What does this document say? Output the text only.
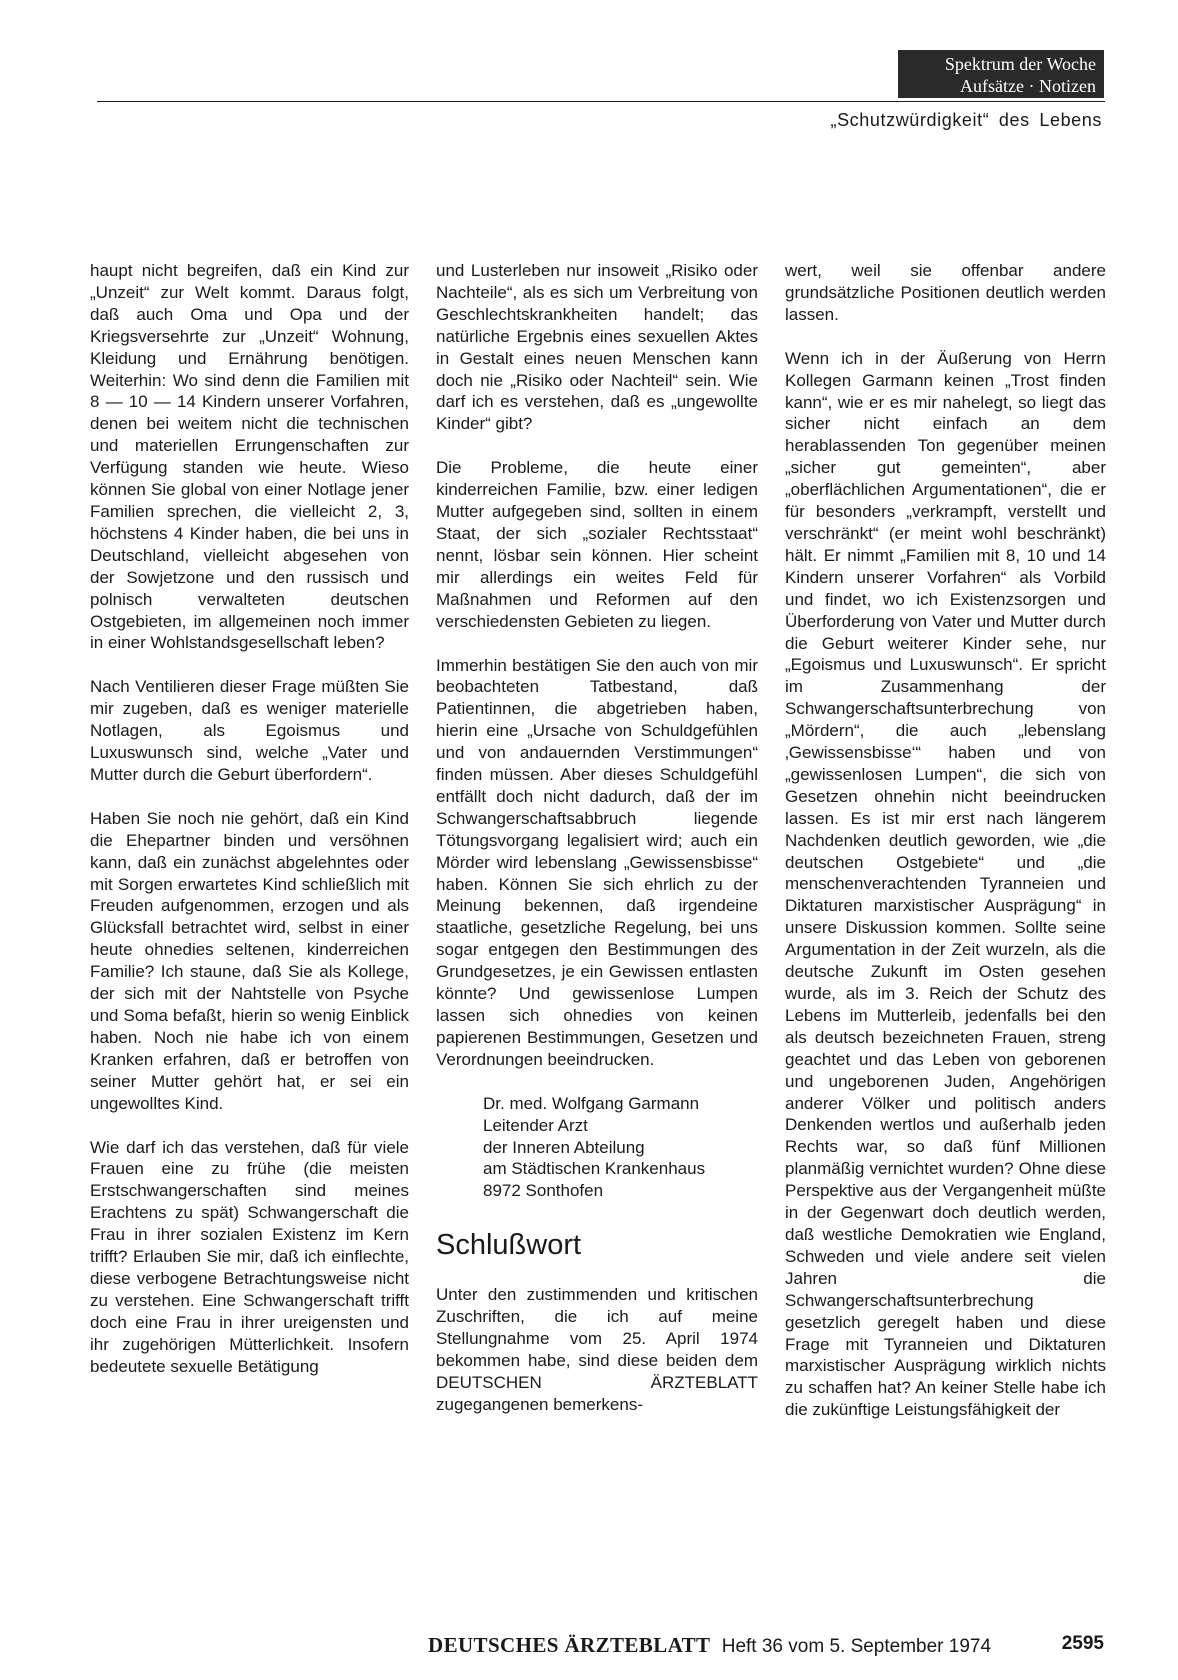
Spektrum der Woche
Aufsätze · Notizen
„Schutzwürdigkeit“ des Lebens

haupt nicht begreifen, daß ein Kind zur „Unzeit“ zur Welt kommt. Daraus folgt, daß auch Oma und Opa und der Kriegsversehrte zur „Unzeit“ Wohnung, Kleidung und Ernährung benötigen. Weiterhin: Wo sind denn die Familien mit 8 — 10 — 14 Kindern unserer Vorfahren, denen bei weitem nicht die technischen und materiellen Errungenschaften zur Verfügung standen wie heute. Wieso können Sie global von einer Notlage jener Familien sprechen, die vielleicht 2, 3, höchstens 4 Kinder haben, die bei uns in Deutschland, vielleicht abgesehen von der Sowjetzone und den russisch und polnisch verwalteten deutschen Ostgebieten, im allgemeinen noch immer in einer Wohlstandsgesellschaft leben?

Nach Ventilieren dieser Frage müßten Sie mir zugeben, daß es weniger materielle Notlagen, als Egoismus und Luxuswunsch sind, welche „Vater und Mutter durch die Geburt überfordern“.

Haben Sie noch nie gehört, daß ein Kind die Ehepartner binden und versöhnen kann, daß ein zunächst abgelehntes oder mit Sorgen erwartetes Kind schließlich mit Freuden aufgenommen, erzogen und als Glücksfall betrachtet wird, selbst in einer heute ohnedies seltenen, kinderreichen Familie? Ich staune, daß Sie als Kollege, der sich mit der Nahtstelle von Psyche und Soma befaßt, hierin so wenig Einblick haben. Noch nie habe ich von einem Kranken erfahren, daß er betroffen von seiner Mutter gehört hat, er sei ein ungewolltes Kind.

Wie darf ich das verstehen, daß für viele Frauen eine zu frühe (die meisten Erstschwangerschaften sind meines Erachtens zu spät) Schwangerschaft die Frau in ihrer sozialen Existenz im Kern trifft? Erlauben Sie mir, daß ich einflechte, diese verbogene Betrachtungsweise nicht zu verstehen. Eine Schwangerschaft trifft doch eine Frau in ihrer ureigensten und ihr zugehörigen Mütterlichkeit. Insofern bedeutete sexuelle Betätigung

und Lusterleben nur insoweit „Risiko oder Nachteile“, als es sich um Verbreitung von Geschlechtskrankheiten handelt; das natürliche Ergebnis eines sexuellen Aktes in Gestalt eines neuen Menschen kann doch nie „Risiko oder Nachteil“ sein. Wie darf ich es verstehen, daß es „ungewollte Kinder“ gibt?

Die Probleme, die heute einer kinderreichen Familie, bzw. einer ledigen Mutter aufgegeben sind, sollten in einem Staat, der sich „sozialer Rechtsstaat“ nennt, lösbar sein können. Hier scheint mir allerdings ein weites Feld für Maßnahmen und Reformen auf den verschiedensten Gebieten zu liegen.

Immerhin bestätigen Sie den auch von mir beobachteten Tatbestand, daß Patientinnen, die abgetrieben haben, hierin eine „Ursache von Schuldgefühlen und von andauernden Verstimmungen“ finden müssen. Aber dieses Schuldgefühl entfällt doch nicht dadurch, daß der im Schwangerschaftsabbruch liegende Tötungsvorgang legalisiert wird; auch ein Mörder wird lebenslang „Gewissensbisse“ haben. Können Sie sich ehrlich zu der Meinung bekennen, daß irgendeine staatliche, gesetzliche Regelung, bei uns sogar entgegen den Bestimmungen des Grundgesetzes, je ein Gewissen entlasten könnte? Und gewissenlose Lumpen lassen sich ohnedies von keinen papierenen Bestimmungen, Gesetzen und Verordnungen beeindrucken.

Dr. med. Wolfgang Garmann
Leitender Arzt
der Inneren Abteilung
am Städtischen Krankenhaus
8972 Sonthofen
Schlußwort

Unter den zustimmenden und kritischen Zuschriften, die ich auf meine Stellungnahme vom 25. April 1974 bekommen habe, sind diese beiden dem DEUTSCHEN ÄRZTEBLATT zugegangenen bemerkens-

wert, weil sie offenbar andere grundsätzliche Positionen deutlich werden lassen.

Wenn ich in der Äußerung von Herrn Kollegen Garmann keinen „Trost finden kann“, wie er es mir nahelegt, so liegt das sicher nicht einfach an dem herablassenden Ton gegenüber meinen „sicher gut gemeinten“, aber „oberflächlichen Argumentationen“, die er für besonders „verkrampft, verstellt und verschränkt“ (er meint wohl beschränkt) hält. Er nimmt „Familien mit 8, 10 und 14 Kindern unserer Vorfahren“ als Vorbild und findet, wo ich Existenzsorgen und Überforderung von Vater und Mutter durch die Geburt weiterer Kinder sehe, nur „Egoismus und Luxuswunsch“. Er spricht im Zusammenhang der Schwangerschaftsunterbrechung von „Mördern“, die auch „lebenslang ‚Gewissensbisse‘“ haben und von „gewissenlosen Lumpen“, die sich von Gesetzen ohnehin nicht beeindrucken lassen. Es ist mir erst nach längerem Nachdenken deutlich geworden, wie „die deutschen Ostgebiete“ und „die menschenverachtenden Tyranneien und Diktaturen marxistischer Ausprägung“ in unsere Diskussion kommen. Sollte seine Argumentation in der Zeit wurzeln, als die deutsche Zukunft im Osten gesehen wurde, als im 3. Reich der Schutz des Lebens im Mutterleib, jedenfalls bei den als deutsch bezeichneten Frauen, streng geachtet und das Leben von geborenen und ungeborenen Juden, Angehörigen anderer Völker und politisch anders Denkenden wertlos und außerhalb jeden Rechts war, so daß fünf Millionen planmäßig vernichtet wurden? Ohne diese Perspektive aus der Vergangenheit müßte in der Gegenwart doch deutlich werden, daß westliche Demokratien wie England, Schweden und viele andere seit vielen Jahren die Schwangerschaftsunterbrechung gesetzlich geregelt haben und diese Frage mit Tyranneien und Diktaturen marxistischer Ausprägung wirklich nichts zu schaffen hat? An keiner Stelle habe ich die zukünftige Leistungsfähigkeit der

DEUTSCHES ÄRZTEBLATT Heft 36 vom 5. September 1974	2595
